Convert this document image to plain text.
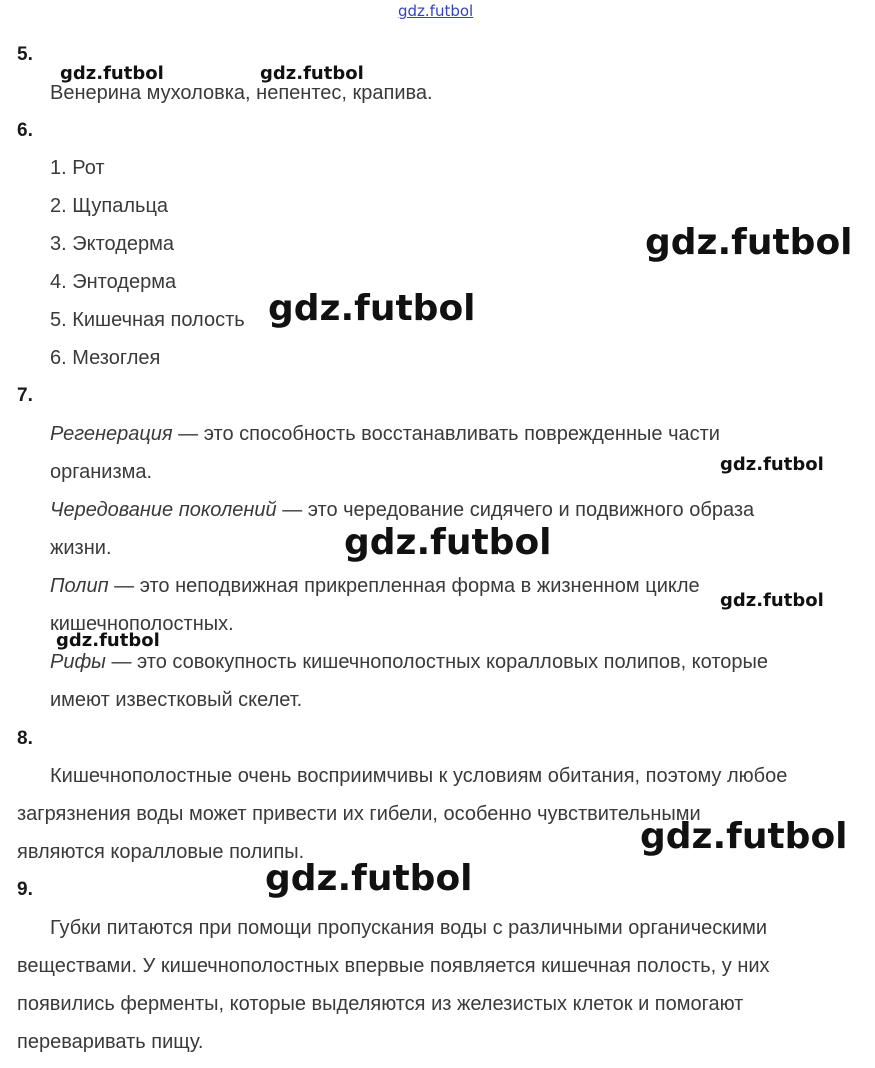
gdz.futbol
5.
Венерина мухоловка, непентес, крапива.
6.
1. Рот
2. Щупальца
3. Эктодерма
4. Энтодерма
5. Кишечная полость
6. Мезоглея
7.
Регенерация — это способность восстанавливать поврежденные части
организма.
Чередование поколений — это чередование сидячего и подвижного образа
жизни.
Полип — это неподвижная прикрепленная форма в жизненном цикле
кишечнополостных.
Рифы — это совокупность кишечнополостных коралловых полипов, которые
имеют известковый скелет.
8.
Кишечнополостные очень восприимчивы к условиям обитания, поэтому любое
загрязнения воды может привести их гибели, особенно чувствительными
являются коралловые полипы.
9.
Губки питаются при помощи пропускания воды с различными органическими
веществами. У кишечнополостных впервые появляется кишечная полость, у них
появились ферменты, которые выделяются из железистых клеток и помогают
переваривать пищу.
gdz.futbol	gdz.futbol
gdz.futbol
gdz.futbol
gdz.futbol
gdz.futbol
gdz.futbol
gdz.futbol
gdz.futbol
gdz.futbol
